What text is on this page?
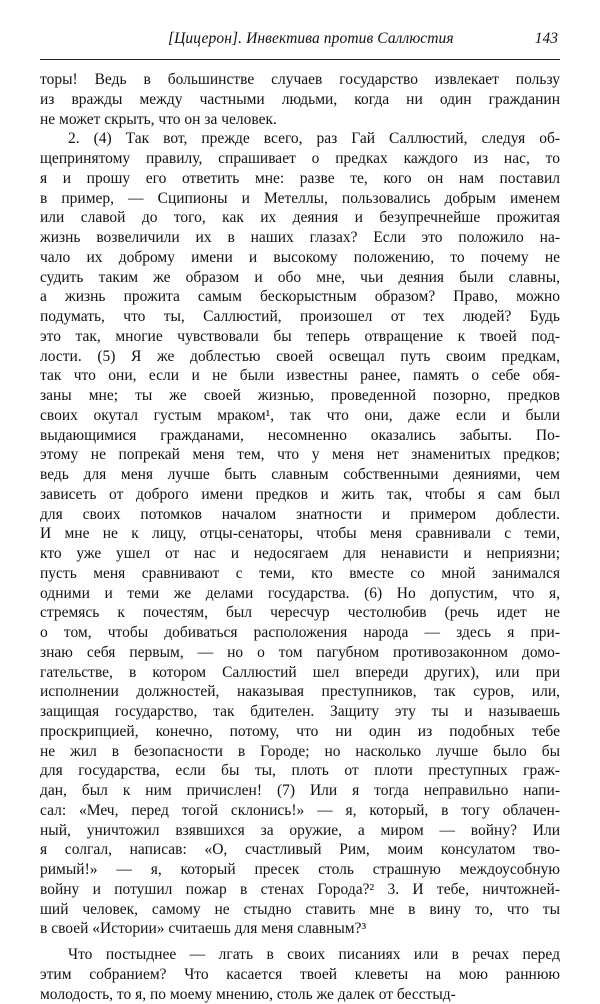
[Цицерон]. Инвектива против Саллюстия	143
торы! Ведь в большинстве случаев государство извлекает пользу
из вражды между частными людьми, когда ни один гражданин
не может скрыть, что он за человек.
2. (4) Так вот, прежде всего, раз Гай Саллюстий, следуя об-
щепринятому правилу, спрашивает о предках каждого из нас, то
я и прошу его ответить мне: разве те, кого он нам поставил
в пример, — Сципионы и Метеллы, пользовались добрым именем
или славой до того, как их деяния и безупречнейше прожитая
жизнь возвеличили их в наших глазах? Если это положило на-
чало их доброму имени и высокому положению, то почему не
судить таким же образом и обо мне, чьи деяния были славны,
а жизнь прожита самым бескорыстным образом? Право, можно
подумать, что ты, Саллюстий, произошел от тех людей? Будь
это так, многие чувствовали бы теперь отвращение к твоей под-
лости. (5) Я же доблестью своей освещал путь своим предкам,
так что они, если и не были известны ранее, память о себе обя-
заны мне; ты же своей жизнью, проведенной позорно, предков
своих окутал густым мраком¹, так что они, даже если и были
выдающимися гражданами, несомненно оказались забыты. По-
этому не попрекай меня тем, что у меня нет знаменитых предков;
ведь для меня лучше быть славным собственными деяниями, чем
зависеть от доброго имени предков и жить так, чтобы я сам был
для своих потомков началом знатности и примером доблести.
И мне не к лицу, отцы-сенаторы, чтобы меня сравнивали с теми,
кто уже ушел от нас и недосягаем для ненависти и неприязни;
пусть меня сравнивают с теми, кто вместе со мной занимался
одними и теми же делами государства. (6) Но допустим, что я,
стремясь к почестям, был чересчур честолюбив (речь идет не
о том, чтобы добиваться расположения народа — здесь я при-
знаю себя первым, — но о том пагубном противозаконном домо-
гательстве, в котором Саллюстий шел впереди других), или при
исполнении должностей, наказывая преступников, так суров, или,
защищая государство, так бдителен. Защиту эту ты и называешь
проскрипцией, конечно, потому, что ни один из подобных тебе
не жил в безопасности в Городе; но насколько лучше было бы
для государства, если бы ты, плоть от плоти преступных граж-
дан, был к ним причислен! (7) Или я тогда неправильно напи-
сал: «Меч, перед тогой склонись!» — я, который, в тогу облачен-
ный, уничтожил взявшихся за оружие, а миром — войну? Или
я солгал, написав: «О, счастливый Рим, моим консулатом тво-
римый!» — я, который пресек столь страшную междоусобную
войну и потушил пожар в стенах Города?² 3. И тебе, ничтожней-
ший человек, самому не стыдно ставить мне в вину то, что ты
в своей «Истории» считаешь для меня славным?³
Что постыднее — лгать в своих писаниях или в речах перед
этим собранием? Что касается твоей клеветы на мою раннюю
молодость, то я, по моему мнению, столь же далек от бесстыд-
